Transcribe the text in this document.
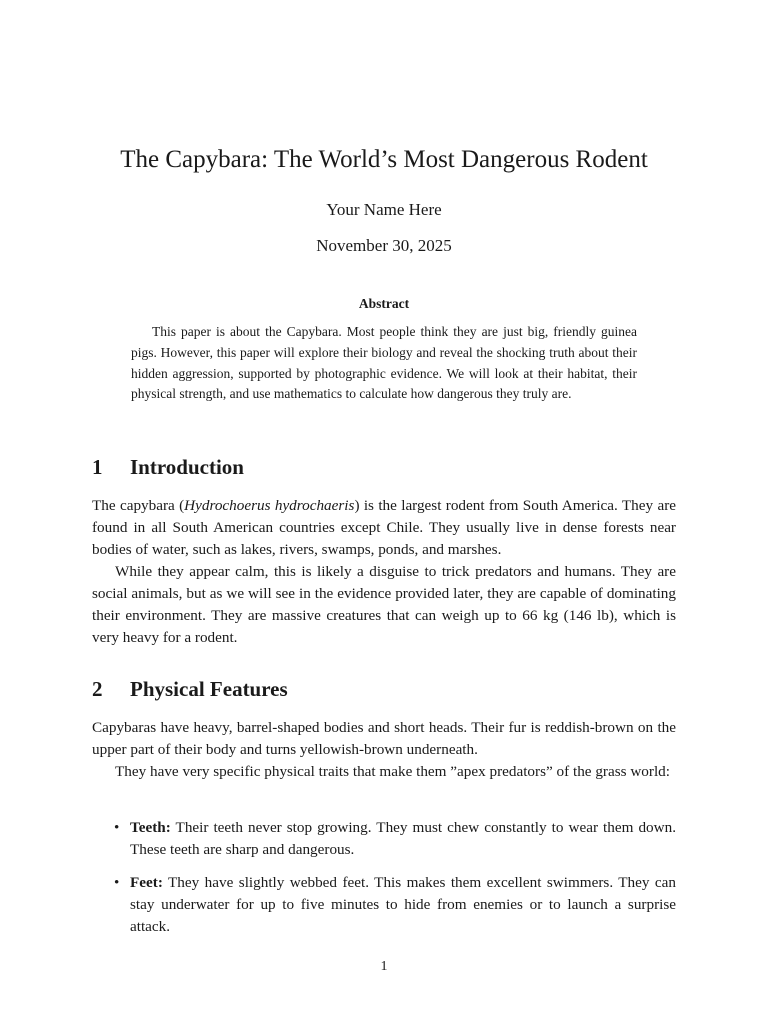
The Capybara: The World’s Most Dangerous Rodent
Your Name Here
November 30, 2025
Abstract

This paper is about the Capybara. Most people think they are just big, friendly guinea pigs. However, this paper will explore their biology and reveal the shocking truth about their hidden aggression, supported by photographic evidence. We will look at their habitat, their physical strength, and use mathematics to calculate how dangerous they truly are.

1 Introduction

The capybara (Hydrochoerus hydrochaeris) is the largest rodent from South America. They are found in all South American countries except Chile. They usually live in dense forests near bodies of water, such as lakes, rivers, swamps, ponds, and marshes.

While they appear calm, this is likely a disguise to trick predators and humans. They are social animals, but as we will see in the evidence provided later, they are capable of dominating their environment. They are massive creatures that can weigh up to 66 kg (146 lb), which is very heavy for a rodent.

2 Physical Features

Capybaras have heavy, barrel-shaped bodies and short heads. Their fur is reddish-brown on the upper part of their body and turns yellowish-brown underneath.

They have very specific physical traits that make them ”apex predators” of the grass world:

• Teeth: Their teeth never stop growing. They must chew constantly to wear them down. These teeth are sharp and dangerous.
• Feet: They have slightly webbed feet. This makes them excellent swimmers. They can stay underwater for up to five minutes to hide from enemies or to launch a surprise attack.
1
